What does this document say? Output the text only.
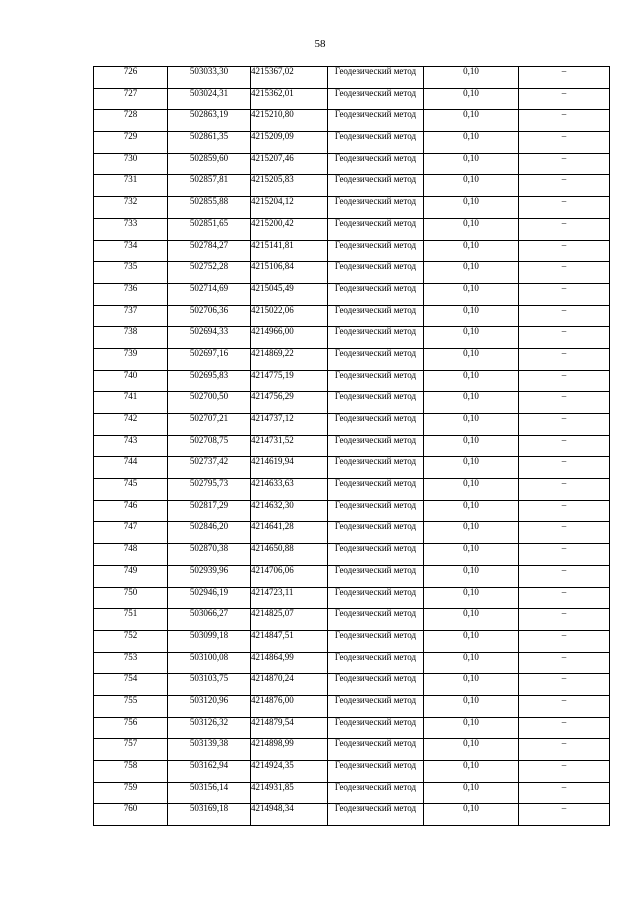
58
726	503033,30	4215367,02	Геодезический метод	0,10	–
727	503024,31	4215362,01	Геодезический метод	0,10	–
728	502863,19	4215210,80	Геодезический метод	0,10	–
729	502861,35	4215209,09	Геодезический метод	0,10	–
730	502859,60	4215207,46	Геодезический метод	0,10	–
731	502857,81	4215205,83	Геодезический метод	0,10	–
732	502855,88	4215204,12	Геодезический метод	0,10	–
733	502851,65	4215200,42	Геодезический метод	0,10	–
734	502784,27	4215141,81	Геодезический метод	0,10	–
735	502752,28	4215106,84	Геодезический метод	0,10	–
736	502714,69	4215045,49	Геодезический метод	0,10	–
737	502706,36	4215022,06	Геодезический метод	0,10	–
738	502694,33	4214966,00	Геодезический метод	0,10	–
739	502697,16	4214869,22	Геодезический метод	0,10	–
740	502695,83	4214775,19	Геодезический метод	0,10	–
741	502700,50	4214756,29	Геодезический метод	0,10	–
742	502707,21	4214737,12	Геодезический метод	0,10	–
743	502708,75	4214731,52	Геодезический метод	0,10	–
744	502737,42	4214619,94	Геодезический метод	0,10	–
745	502795,73	4214633,63	Геодезический метод	0,10	–
746	502817,29	4214632,30	Геодезический метод	0,10	–
747	502846,20	4214641,28	Геодезический метод	0,10	–
748	502870,38	4214650,88	Геодезический метод	0,10	–
749	502939,96	4214706,06	Геодезический метод	0,10	–
750	502946,19	4214723,11	Геодезический метод	0,10	–
751	503066,27	4214825,07	Геодезический метод	0,10	–
752	503099,18	4214847,51	Геодезический метод	0,10	–
753	503100,08	4214864,99	Геодезический метод	0,10	–
754	503103,75	4214870,24	Геодезический метод	0,10	–
755	503120,96	4214876,00	Геодезический метод	0,10	–
756	503126,32	4214879,54	Геодезический метод	0,10	–
757	503139,38	4214898,99	Геодезический метод	0,10	–
758	503162,94	4214924,35	Геодезический метод	0,10	–
759	503156,14	4214931,85	Геодезический метод	0,10	–
760	503169,18	4214948,34	Геодезический метод	0,10	–
